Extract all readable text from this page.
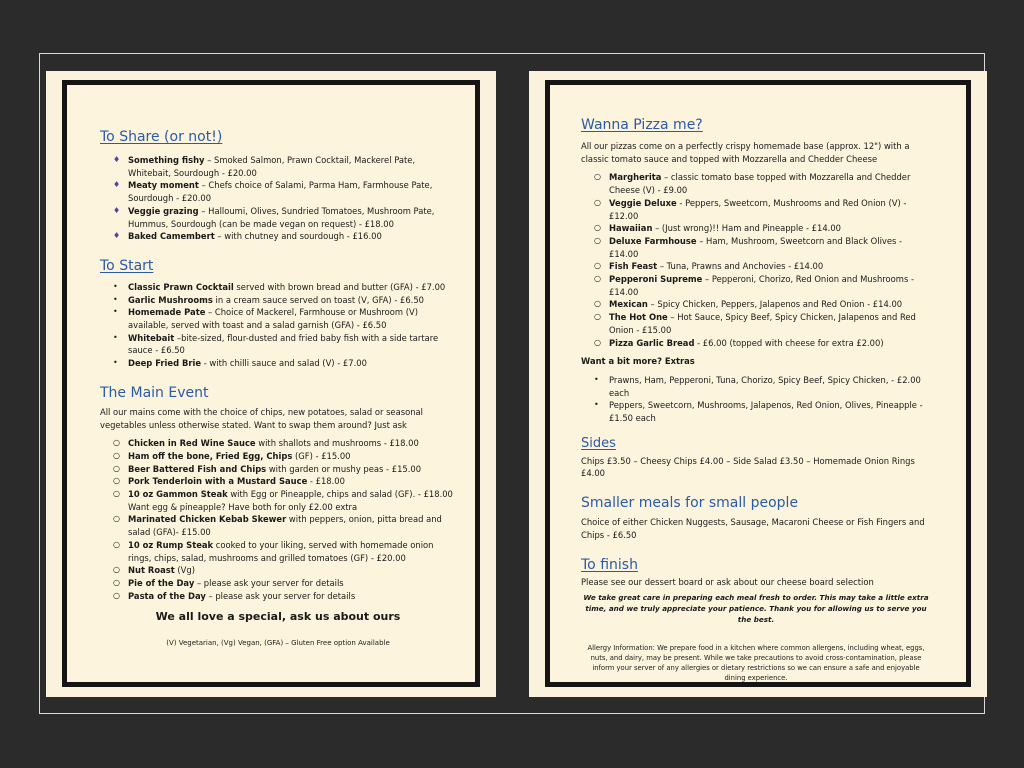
To Share (or not!)
♦ Something fishy – Smoked Salmon, Prawn Cocktail, Mackerel Pate, Whitebait, Sourdough - £20.00
♦ Meaty moment – Chefs choice of Salami, Parma Ham, Farmhouse Pate, Sourdough - £20.00
♦ Veggie grazing – Halloumi, Olives, Sundried Tomatoes, Mushroom Pate, Hummus, Sourdough (can be made vegan on request) - £18.00
♦ Baked Camembert – with chutney and sourdough - £16.00
To Start
•	Classic Prawn Cocktail served with brown bread and butter (GFA) - £7.00
•	Garlic Mushrooms in a cream sauce served on toast (V, GFA) - £6.50
•	Homemade Pate – Choice of Mackerel, Farmhouse or Mushroom (V) available, served with toast and a salad garnish (GFA) - £6.50
•	Whitebait –bite-sized, flour-dusted and fried baby fish with a side tartare sauce - £6.50
•	Deep Fried Brie - with chilli sauce and salad (V) - £7.00
The Main Event

All our mains come with the choice of chips, new potatoes, salad or seasonal vegetables unless otherwise stated. Want to swap them around? Just ask

○ Chicken in Red Wine Sauce with shallots and mushrooms - £18.00
○ Ham off the bone, Fried Egg, Chips (GF) - £15.00
○ Beer Battered Fish and Chips with garden or mushy peas - £15.00
○ Pork Tenderloin with a Mustard Sauce - £18.00
○ 10 oz Gammon Steak with Egg or Pineapple, chips and salad (GF). - £18.00 Want egg & pineapple? Have both for only £2.00 extra
○ Marinated Chicken Kebab Skewer with peppers, onion, pitta bread and salad (GFA)- £15.00
○ 10 oz Rump Steak cooked to your liking, served with homemade onion rings, chips, salad, mushrooms and grilled tomatoes (GF) - £20.00
○ Nut Roast (Vg)
○ Pie of the Day – please ask your server for details
○ Pasta of the Day – please ask your server for details

We all love a special, ask us about ours

(V) Vegetarian, (Vg) Vegan, (GFA) – Gluten Free option Available

Wanna Pizza me?

All our pizzas come on a perfectly crispy homemade base (approx. 12") with a classic tomato sauce and topped with Mozzarella and Chedder Cheese

○ Margherita – classic tomato base topped with Mozzarella and Chedder Cheese (V) - £9.00
○ Veggie Deluxe - Peppers, Sweetcorn, Mushrooms and Red Onion (V) - £12.00
○ Hawaiian – (Just wrong)!! Ham and Pineapple - £14.00
○ Deluxe Farmhouse – Ham, Mushroom, Sweetcorn and Black Olives - £14.00
○ Fish Feast – Tuna, Prawns and Anchovies - £14.00
○ Pepperoni Supreme – Pepperoni, Chorizo, Red Onion and Mushrooms - £14.00
○ Mexican – Spicy Chicken, Peppers, Jalapenos and Red Onion - £14.00
○ The Hot One – Hot Sauce, Spicy Beef, Spicy Chicken, Jalapenos and Red Onion - £15.00
○ Pizza Garlic Bread - £6.00 (topped with cheese for extra £2.00)

Want a bit more? Extras

•	Prawns, Ham, Pepperoni, Tuna, Chorizo, Spicy Beef, Spicy Chicken, - £2.00 each
•	Peppers, Sweetcorn, Mushrooms, Jalapenos, Red Onion, Olives, Pineapple - £1.50 each
Sides

Chips £3.50 – Cheesy Chips £4.00 – Side Salad £3.50 – Homemade Onion Rings £4.00

Smaller meals for small people

Choice of either Chicken Nuggests, Sausage, Macaroni Cheese or Fish Fingers and Chips - £6.50

To finish

Please see our dessert board or ask about our cheese board selection

We take great care in preparing each meal fresh to order. This may take a little extra time, and we truly appreciate your patience. Thank you for allowing us to serve you the best.

Allergy Information: We prepare food in a kitchen where common allergens, including wheat, eggs, nuts, and dairy, may be present. While we take precautions to avoid cross-contamination, please inform your server of any allergies or dietary restrictions so we can ensure a safe and enjoyable dining experience.
